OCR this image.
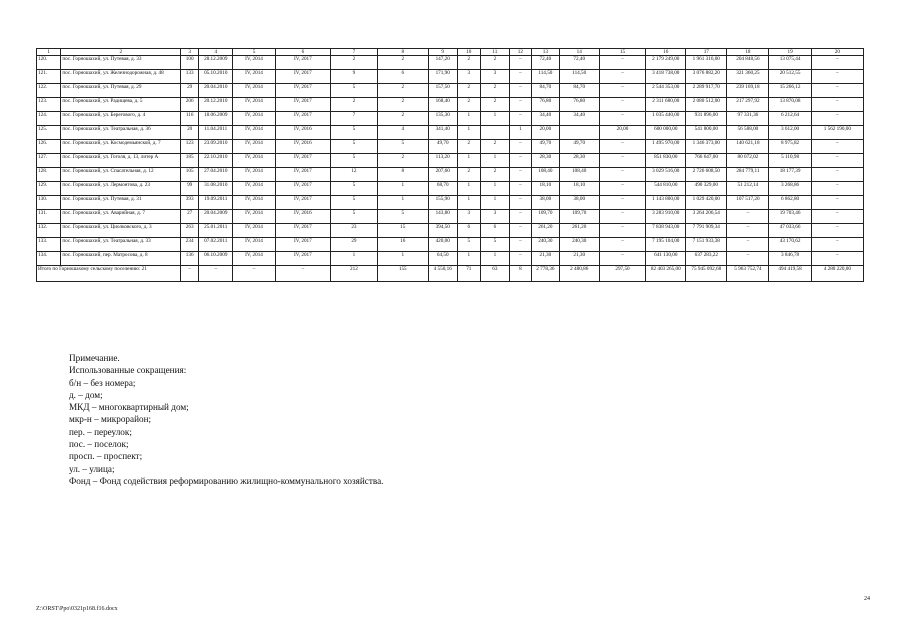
1	2	3	4	5	6	7	8	9	10	11	12	13	14	15	16	17	18	19	20
120.	пос. Горношахий, ул. Путевая, д. 33	100	28.12.2009	IV, 2014	IV, 2017	2	2	147,20	2	2	–	72,40	72,40	–	2 179 249,00	1 961 316,00	204 848,56	13 075,44	–
121.	пос. Горношахий, ул. Железнодорожная, д. 48	133	05.10.2010	IV, 2014	IV, 2017	9	6	171,90	3	3	–	114,50	114,50	–	3 418 738,00	3 076 882,20	321 360,25	20 512,55	–
122.	пос. Горношахий, ул. Путевая, д. 29	29	20.04.2010	IV, 2014	IV, 2017	5	2	157,50	2	2	–	84,70	84,70	–	2 544 353,00	2 289 917,70	239 169,18	15 266,12	–
123.	пос. Горношахий, ул. Радищева, д. 5	206	20.12.2010	IV, 2014	IV, 2017	2	2	168,40	2	2	–	76,80	76,80	–	2 311 680,00	2 080 512,00	217 297,92	13 870,08	–
124.	пос. Горношахий, ул. Берегового, д. 4	116	18.06.2009	IV, 2014	IV, 2017	7	2	135,30	1	1	–	34,40	34,40	–	1 035 440,00	931 896,00	97 331,36	6 212,64	–
125.	пос. Горношахий, ул. Театральная, д. 36	20	11.04.2011	IV, 2014	IV, 2016	5	4	341,40	1		1	20,00		20,00	600 000,00	541 800,00	56 588,00	3 612,00	1 562 190,00
126.	пос. Горношахий, ул. Космодемьянской, д. 7	123	23.09.2010	IV, 2014	IV, 2016	5	5	49,70	2	2	–	49,70	49,70	–	1 495 970,00	1 346 373,00	140 621,18	8 975,82	–
127.	пос. Горношахий, ул. Гоголя, д. 13, литер А	185	22.10.2010	IV, 2014	IV, 2017	5	2	113,20	1	1	–	28,30	28,30	–	851 830,00	766 647,00	80 072,02	5 110,98	–
128.	пос. Горношахий, ул. Спасательная, д. 12	105	27.04.2010	IV, 2014	IV, 2017	12	8	207,60	2	2	–	108,40	108,40	–	3 029 516,00	2 726 608,50	284 779,11	18 177,39	–
129.	пос. Горношахий, ул. Лермонтова, д. 23	99	31.08.2010	IV, 2014	IV, 2017	5	1	68,70	1	1	–	18,10	18,10	–	544 810,00	490 329,00	51 212,14	3 268,86	–
130.	пос. Горношахий, ул. Путевая, д. 31	393	19.09.2011	IV, 2014	IV, 2017	5	1	155,90	1	1	–	38,00	38,00	–	1 143 800,00	1 029 420,00	107 517,20	6 862,80	–
131.	пос. Горношахий, ул. Аварийная, д. 7	27	20.04.2009	IV, 2014	IV, 2016	5	5	143,80	3	3	–	109,70	109,70	–	3 283 910,00	3 264 206,54	–	19 703,46	–
132.	пос. Горношахий, ул. Циолковского, д. 3	263	25.01.2011	IV, 2014	IV, 2017	23	15	394,50	6	6	–	261,20	261,20	–	7 838 943,00	7 791 909,34	–	47 033,66	–
133.	пос. Горношахий, ул. Театральная, д. 33	234	07.02.2011	IV, 2014	IV, 2017	29	16	420,00	5	5	–	240,30	240,30	–	7 195 104,00	7 151 933,38	–	43 170,62	–
134.	пос. Горношахий, пер. Матросова, д. 8	136	06.10.2009	IV, 2014	IV, 2017	1	1	64,50	1	1	–	21,30	21,30	–	641 130,00	637 283,22	–	3 846,78	–
Итого по Горношахому сельскому поселению: 21		–	–	–	–	212	155	4 550,16	71	63	8	2 778,36	2 480,86	297,50	82 403 265,00	75 945 092,68	5 963 752,74	494 419,58	4 280 220,00
Примечание.
Использованные сокращения:
б/н – без номера;
д. – дом;
МКД – многоквартирный дом;
мкр-н – микрорайон;
пер. – переулок;
пос. – поселок;
просп. – проспект;
ул. – улица;
Фонд – Фонд содействия реформированию жилищно-коммунального хозяйства.
24
Z:\ORST\Ppo\0321p168.f16.docx
